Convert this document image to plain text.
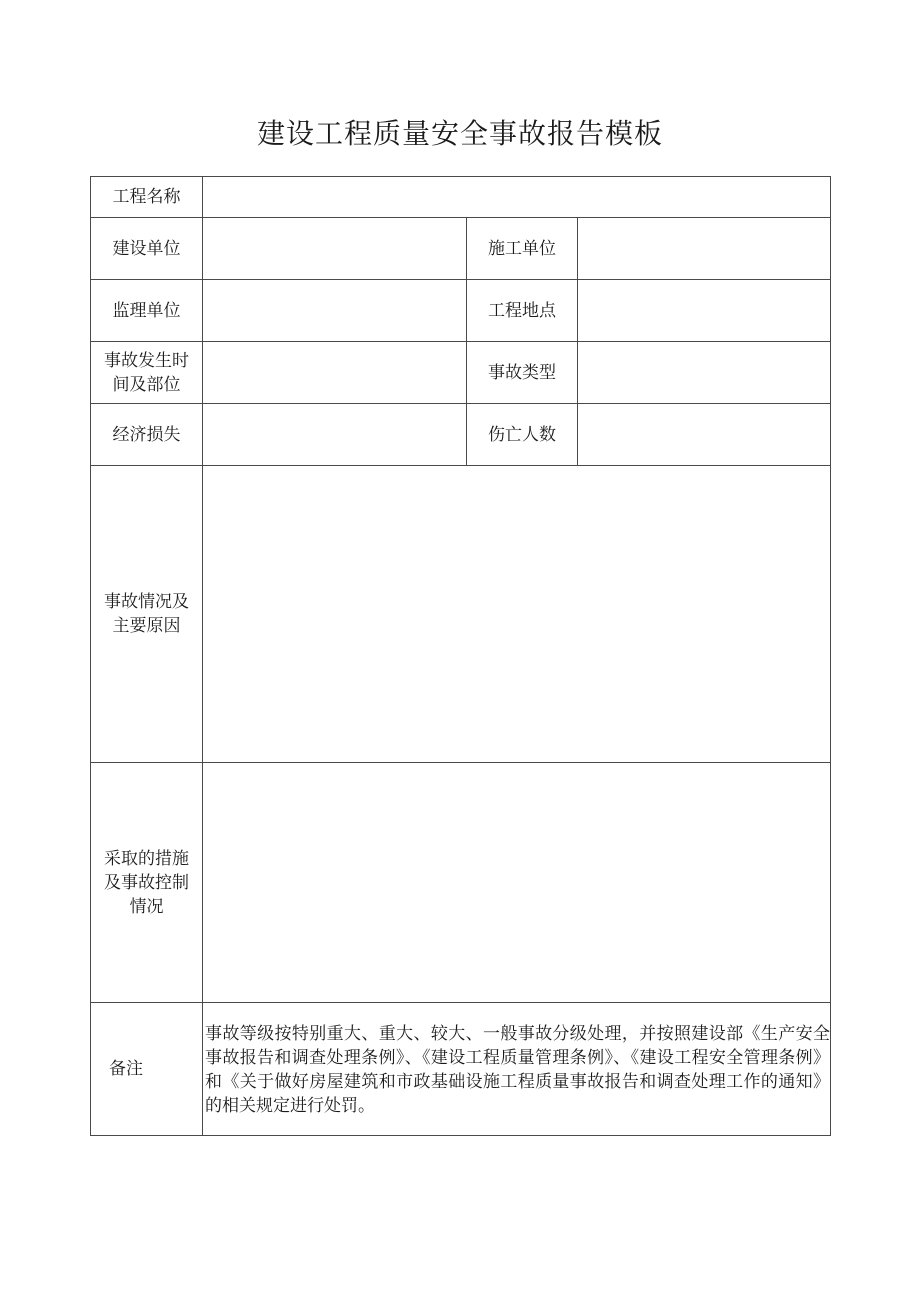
建设工程质量安全事故报告模板
工程名称			
建设单位		施工单位	
监理单位		工程地点	

事故发生时
间及部位		事故类型	
经济损失		伤亡人数	

事故情况及
主要原因			

采取的措施
及事故控制
情况			

备注	事故等级按特别重大、重大、较大、一般事故分级处理，并按照建设部《生产安全事故报告和调查处理条例》、《建设工程质量管理条例》、《建设工程安全管理条例》和《关于做好房屋建筑和市政基础设施工程质量事故报告和调查处理工作的通知》的相关规定进行处罚。		
